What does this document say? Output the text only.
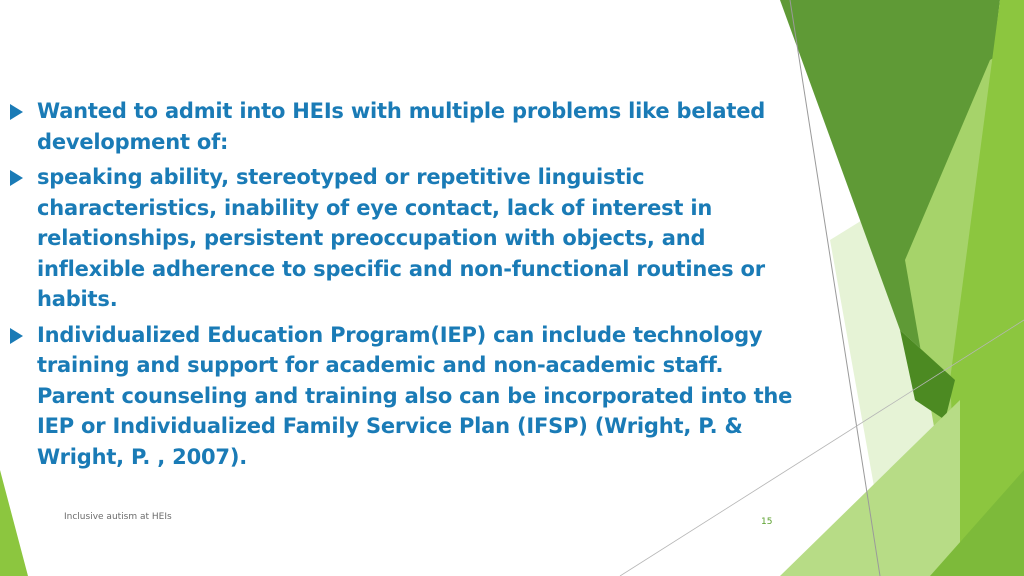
Wanted to admit into HEIs with multiple problems like belated development of:
speaking ability, stereotyped or repetitive linguistic characteristics, inability of eye contact, lack of interest in relationships, persistent preoccupation with objects, and inflexible adherence to specific and non-functional routines or habits.
Individualized Education Program(IEP) can include technology training and support for academic and non-academic staff. Parent counseling and training also can be incorporated into the IEP or Individualized Family Service Plan (IFSP) (Wright, P. & Wright, P. , 2007).
Inclusive autism at HEIs	15
